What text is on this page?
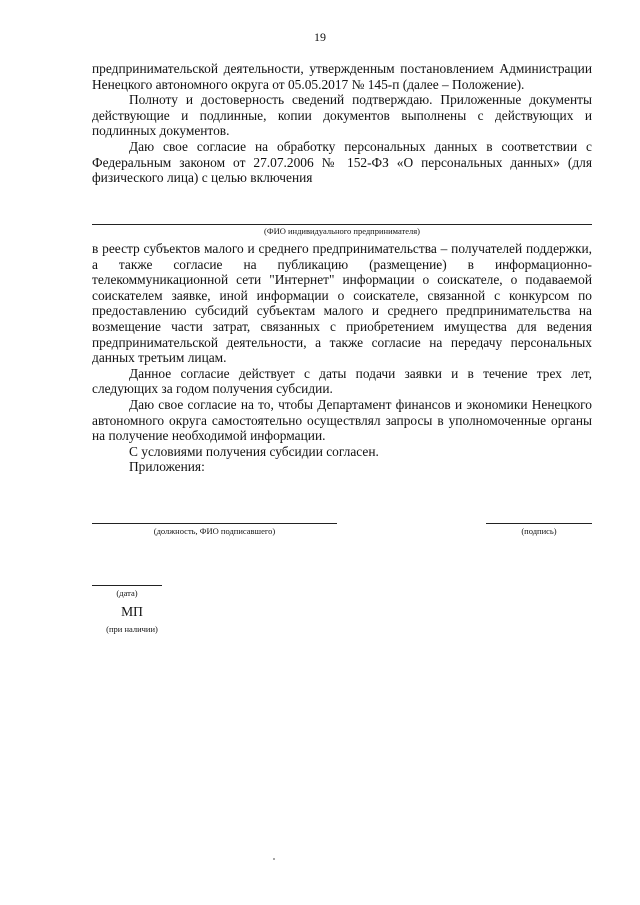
19

предпринимательской деятельности, утвержденным постановлением Администрации Ненецкого автономного округа от 05.05.2017 № 145-п (далее – Положение).

Полноту и достоверность сведений подтверждаю. Приложенные документы действующие и подлинные, копии документов выполнены с действующих и подлинных документов.

Даю свое согласие на обработку персональных данных в соответствии с Федеральным законом от 27.07.2006 № 152-ФЗ «О персональных данных» (для физического лица) с целью включения

(ФИО индивидуального предпринимателя)

в реестр субъектов малого и среднего предпринимательства – получателей поддержки, а также согласие на публикацию (размещение) в информационно-телекоммуникационной сети "Интернет" информации о соискателе, о подаваемой соискателем заявке, иной информации о соискателе, связанной с конкурсом по предоставлению субсидий субъектам малого и среднего предпринимательства на возмещение части затрат, связанных с приобретением имущества для ведения предпринимательской деятельности, а также согласие на передачу персональных данных третьим лицам.

Данное согласие действует с даты подачи заявки и в течение трех лет, следующих за годом получения субсидии.

Даю свое согласие на то, чтобы Департамент финансов и экономики Ненецкого автономного округа самостоятельно осуществлял запросы в уполномоченные органы на получение необходимой информации.

С условиями получения субсидии согласен.

Приложения:

(должность, ФИО подписавшего)	(подпись)
(дата)
МП
(при наличии)
